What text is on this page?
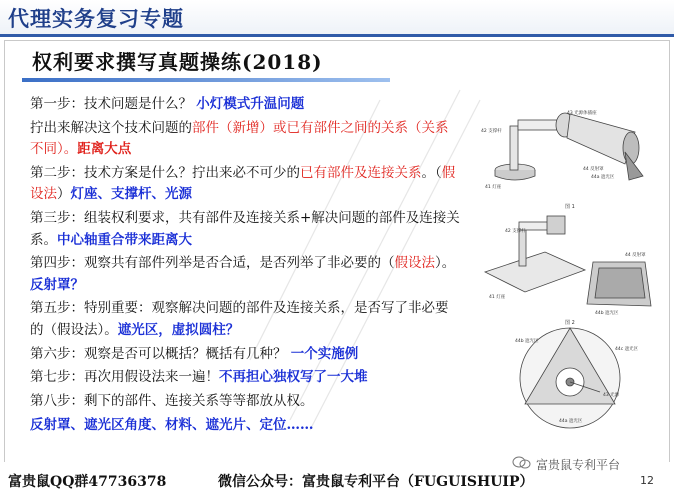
代理实务复习专题
权利要求撰写真题操练(2018)

第一步：技术问题是什么？ 小灯模式升温问题

拧出来解决这个技术问题的部件（新增）或已有部件之间的关系（关系不同）。距离大点

第二步：技术方案是什么？拧出来必不可少的已有部件及连接关系。（假设法）灯座、支撑杆、光源

第三步：组装权利要求，共有部件及连接关系+解决问题的部件及连接关系。中心轴重合带来距离大

第四步：观察共有部件列举是否合适，是否列举了非必要的（假设法）。 反射罩？

第五步：特别重要：观察解决问题的部件及连接关系，是否写了非必要的（假设法）。遮光区，虚拟圆柱？

第六步：观察是否可以概括？概括有几种？ 一个实施例

第七步：再次用假设法来一遍！不再担心独权写了一大堆

第八步：剩下的部件、连接关系等等都放从权。

反射罩、遮光区角度、材料、遮光片、定位……

43 光源体插座
42 支撑杆
41 灯座
44 反射罩
44a 遮光区
图 1
42 支撑杆
41 灯座
44 反射罩
44b 遮光区
图 2
44b 遮光区
44c 遮光区
43 光源
44a 遮光区
富贵鼠QQ群47736378	微信公众号：富贵鼠专利平台（FUGUISHUIP）	12
富贵鼠专利平台
